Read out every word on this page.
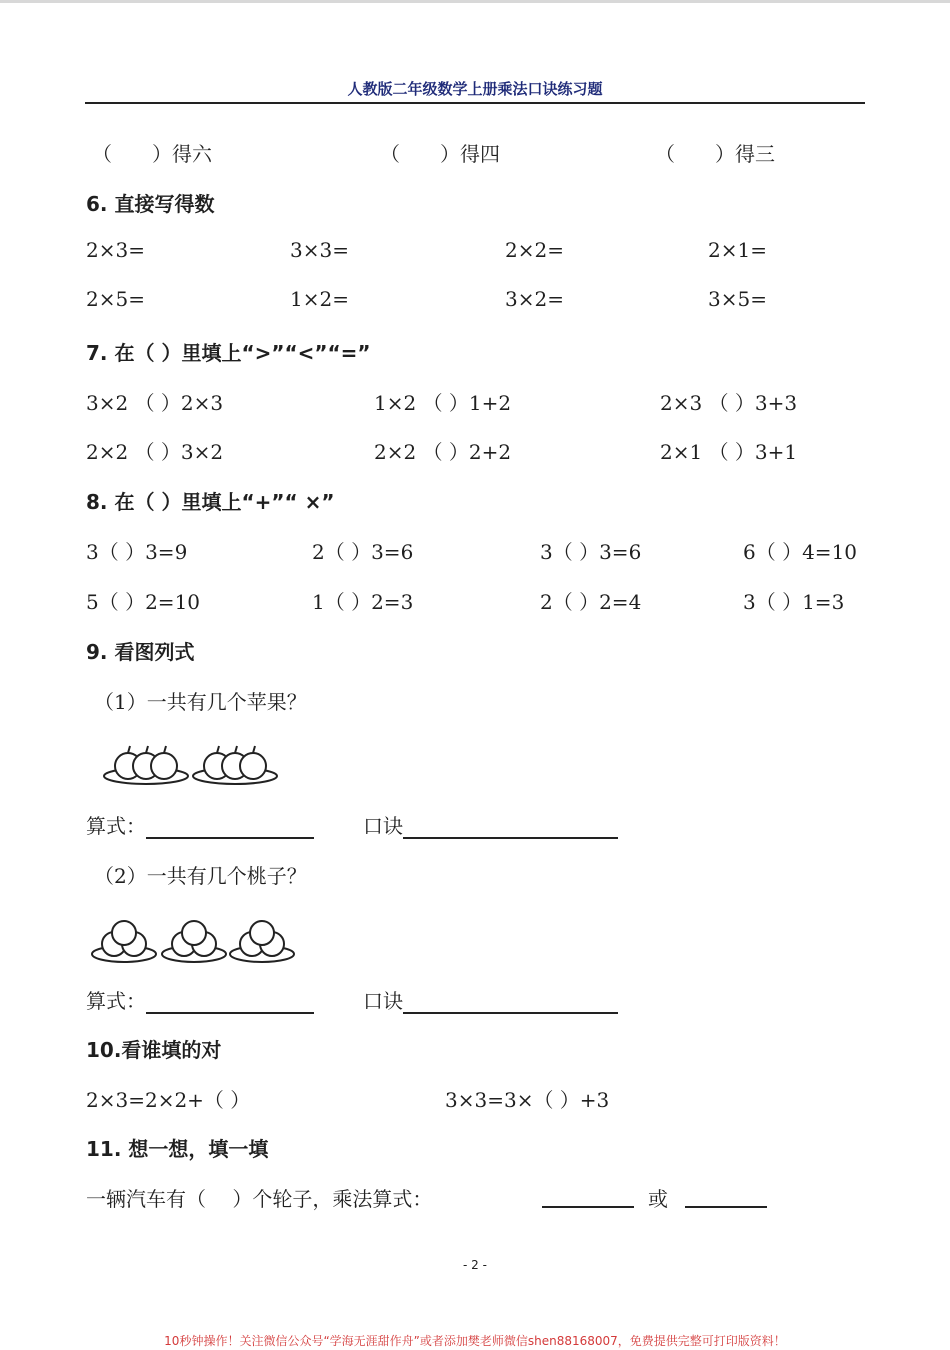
人教版二年级数学上册乘法口诀练习题
（　　）得六	（　　）得四	（　　）得三
6. 直接写得数
2×3=	3×3=	2×2=	2×1=
2×5=	1×2=	3×2=	3×5=
7. 在（ ）里填上“>”“<”“=”
3×2 （ ）2×3	1×2 （ ）1+2	2×3 （ ）3+3
2×2 （ ）3×2	2×2 （ ）2+2	2×1 （ ）3+1
8. 在（ ）里填上“+”“ ×”
3（ ）3=9	2（ ）3=6	3（ ）3=6	6（ ）4=10
5（ ）2=10	1（ ）2=3	2（ ）2=4	3（ ）1=3
9. 看图列式
（1）一共有几个苹果？
算式：	口诀
（2）一共有几个桃子？
算式：	口诀
10.看谁填的对
2×3=2×2+（ ）	3×3=3×（ ）+3
11. 想一想，填一填
一辆汽车有（　 ）个轮子，乘法算式：	或
- 2 -
10秒钟操作！关注微信公众号“学海无涯甜作舟”或者添加樊老师微信shen88168007，免费提供完整可打印版资料！
